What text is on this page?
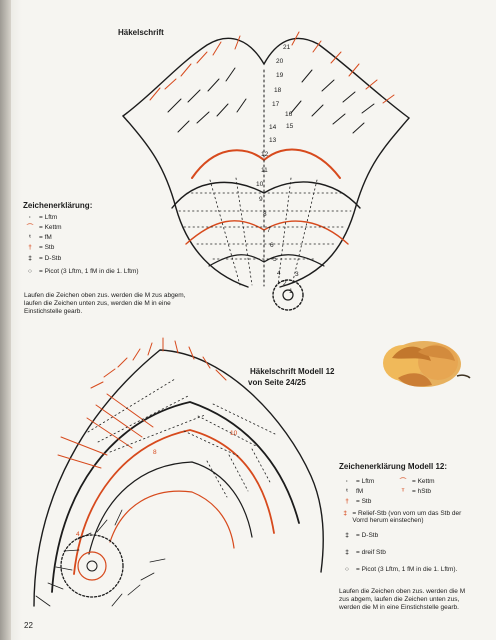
Häkelschrift
21
20
19
18
17
16
15
14
13
12
11
10
9
8
7
6
5
4 3
2
1
Zeichenerklärung:
·	= Lftm
⌒ = Kettm
ᵗ	= fM
†	= Stb
‡	= D-Stb
○	= Picot (3 Lftm, 1 fM in die 1. Lftm)
Laufen die Zeichen oben zus. werden die M zus abgem, laufen die Zeichen unten zus, werden die M in eine Einstichstelle gearb.
Häkelschrift Modell 12
von Seite 24/25
10
8
4
Zeichenerklärung Modell 12:
·	= Lftm	⌒ = Kettm
ᵗ	fM	ᵀ	= hStb
†	= Stb
‡ = Relief-Stb (von vorn um das Stb der Vorrd herum einstechen)
‡	= D-Stb
‡	= dreif Stb
○	= Picot (3 Lftm, 1 fM in die 1. Lftm).
Laufen die Zeichen oben zus. werden die M zus abgem, laufen die Zeichen unten zus, werden die M in eine Einstichstelle gearb.
22
